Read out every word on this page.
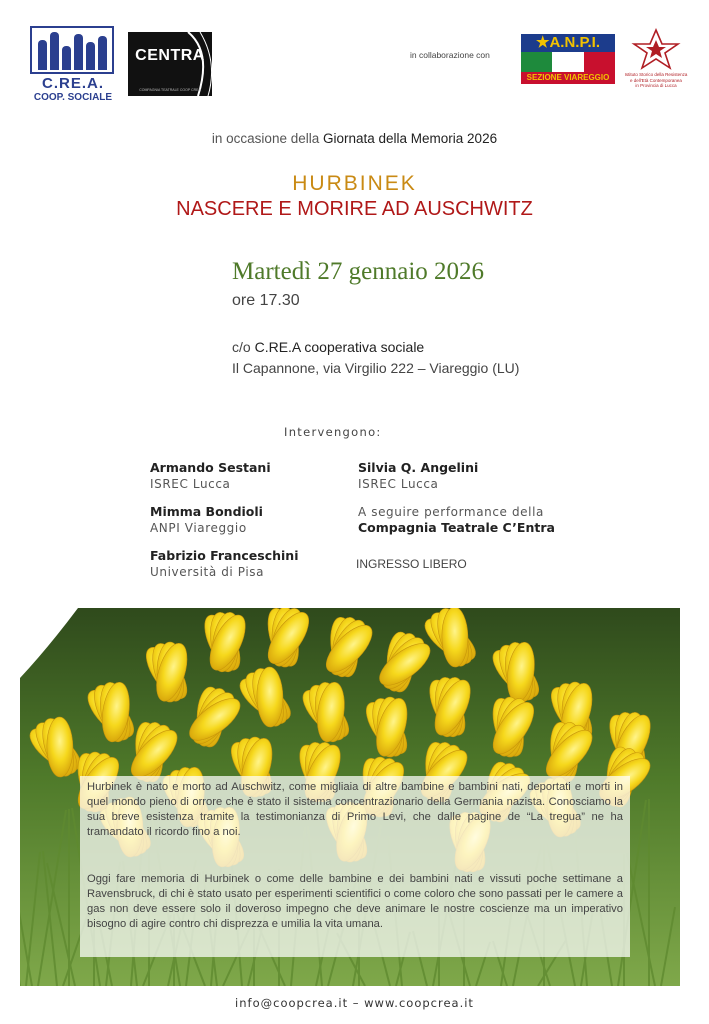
C.RE.A.
COOP. SOCIALE
CENTRA
COMPAGNIA TEATRALE COOP CREA
in collaborazione con
★A.N.P.I.
SEZIONE VIAREGGIO	Istituto Storico della Resistenza
e dell'Età Contemporanea
in Provincia di Lucca
in occasione della Giornata della Memoria 2026
HURBINEK
NASCERE E MORIRE AD AUSCHWITZ
Martedì 27 gennaio 2026
ore 17.30
c/o C.RE.A cooperativa sociale
Il Capannone, via Virgilio 222 – Viareggio (LU)
Intervengono:
Armando Sestani
ISREC Lucca
Mimma Bondioli
ANPI Viareggio
Fabrizio Franceschini
Università di Pisa
Silvia Q. Angelini
ISREC Lucca
A seguire performance della
Compagnia Teatrale C’Entra
INGRESSO LIBERO
Hurbinek è nato e morto ad Auschwitz, come migliaia di altre bambine e bambini nati, deportati e morti in quel mondo pieno di orrore che è stato il sistema concentrazionario della Germania nazista. Conosciamo la sua breve esistenza tramite la testimonianza di Primo Levi, che dalle pagine de “La tregua” ne ha tramandato il ricordo fino a noi.
Oggi fare memoria di Hurbinek o come delle bambine e dei bambini nati e vissuti poche settimane a Ravensbruck, di chi è stato usato per esperimenti scientifici o come coloro che sono passati per le camere a gas non deve essere solo il doveroso impegno che deve animare le nostre coscienze ma un imperativo bisogno di agire contro chi disprezza e umilia la vita umana.
info@coopcrea.it – www.coopcrea.it
